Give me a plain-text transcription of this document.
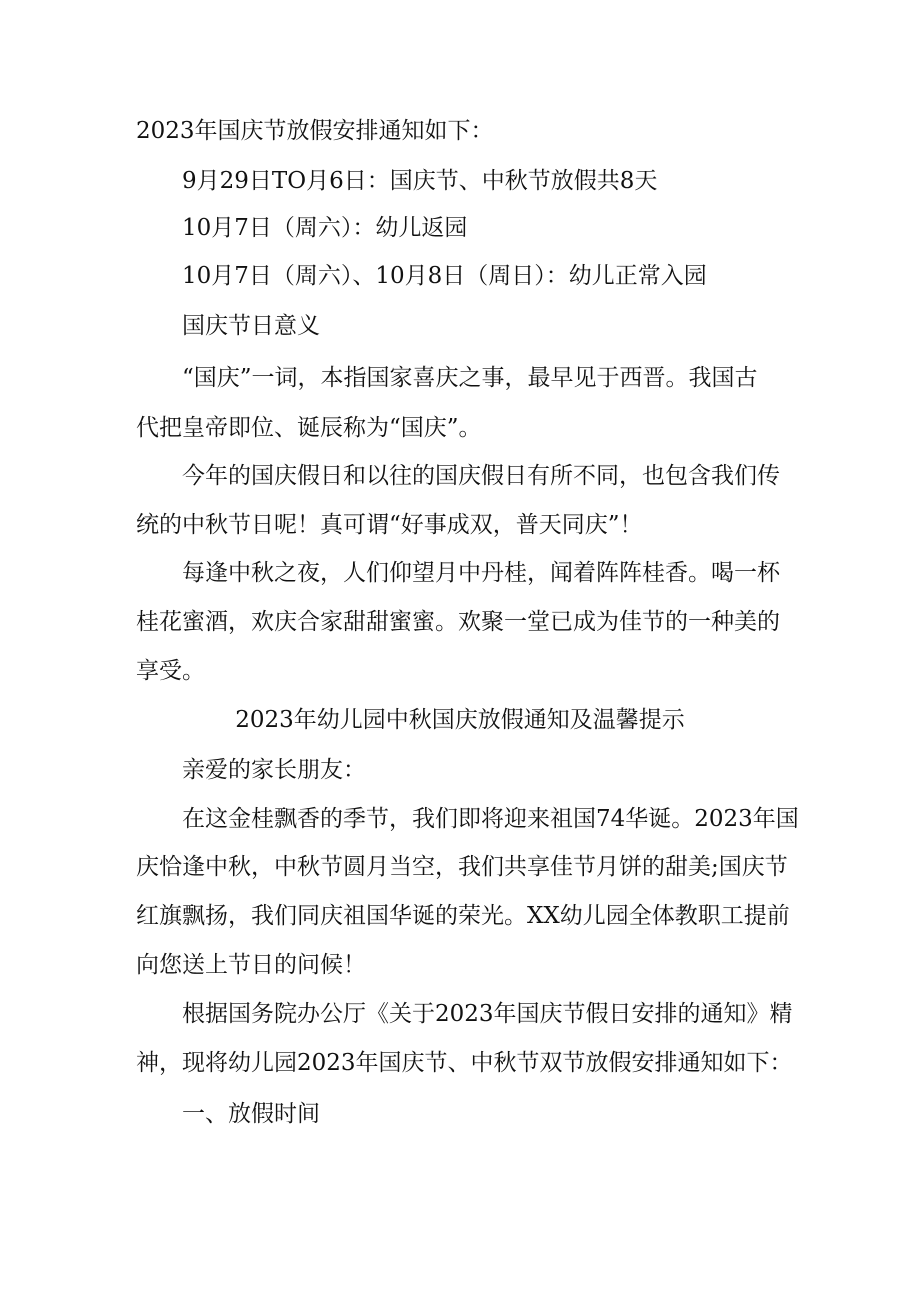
2023年国庆节放假安排通知如下：
9月29日TO月6日：国庆节、中秋节放假共8天
10月7日（周六）：幼儿返园
10月7日（周六）、10月8日（周日）：幼儿正常入园
国庆节日意义
“国庆”一词，本指国家喜庆之事，最早见于西晋。我国古
代把皇帝即位、诞辰称为“国庆”。
今年的国庆假日和以往的国庆假日有所不同，也包含我们传
统的中秋节日呢！真可谓“好事成双，普天同庆”！
每逢中秋之夜，人们仰望月中丹桂，闻着阵阵桂香。喝一杯
桂花蜜酒，欢庆合家甜甜蜜蜜。欢聚一堂已成为佳节的一种美的
享受。
2023年幼儿园中秋国庆放假通知及温馨提示
亲爱的家长朋友：
在这金桂飘香的季节，我们即将迎来祖国74华诞。2023年国
庆恰逢中秋，中秋节圆月当空，我们共享佳节月饼的甜美;国庆节
红旗飘扬，我们同庆祖国华诞的荣光。XX幼儿园全体教职工提前
向您送上节日的问候！
根据国务院办公厅《关于2023年国庆节假日安排的通知》精
神，现将幼儿园2023年国庆节、中秋节双节放假安排通知如下：
一、放假时间
